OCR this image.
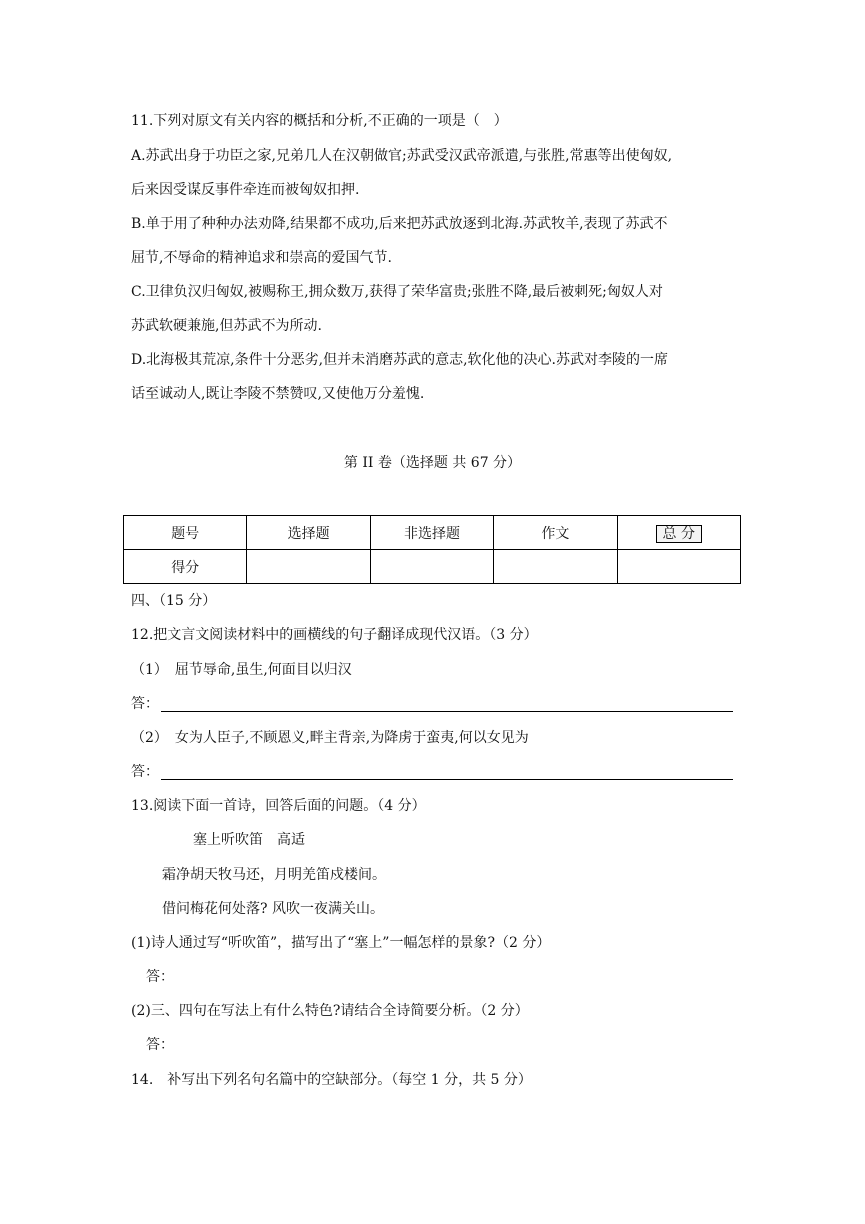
11.下列对原文有关内容的概括和分析,不正确的一项是（　）
A.苏武出身于功臣之家,兄弟几人在汉朝做官;苏武受汉武帝派遣,与张胜,常惠等出使匈奴,
后来因受谋反事件牵连而被匈奴扣押.
B.单于用了种种办法劝降,结果都不成功,后来把苏武放逐到北海.苏武牧羊,表现了苏武不
屈节,不辱命的精神追求和崇高的爱国气节.
C.卫律负汉归匈奴,被赐称王,拥众数万,获得了荣华富贵;张胜不降,最后被刺死;匈奴人对
苏武软硬兼施,但苏武不为所动.
D.北海极其荒凉,条件十分恶劣,但并未消磨苏武的意志,软化他的决心.苏武对李陵的一席
话至诚动人,既让李陵不禁赞叹,又使他万分羞愧.
第 II 卷（选择题 共 67 分）
题号	选择题	非选择题	作文	总 分
得分				
四、（15 分）
12.把文言文阅读材料中的画横线的句子翻译成现代汉语。（3 分）
（1）　屈节辱命,虽生,何面目以归汉
答：
（2）　女为人臣子,不顾恩义,畔主背亲,为降虏于蛮夷,何以女见为
答：
13.阅读下面一首诗，回答后面的问题。（4 分）
塞上听吹笛　高适
霜净胡天牧马还，月明羌笛戍楼间。
借问梅花何处落? 风吹一夜满关山。
(1)诗人通过写“听吹笛”，描写出了“塞上”一幅怎样的景象?（2 分）
答：
(2)三、四句在写法上有什么特色?请结合全诗简要分析。（2 分）
答：
14.　补写出下列名句名篇中的空缺部分。（每空 1 分，共 5 分）
